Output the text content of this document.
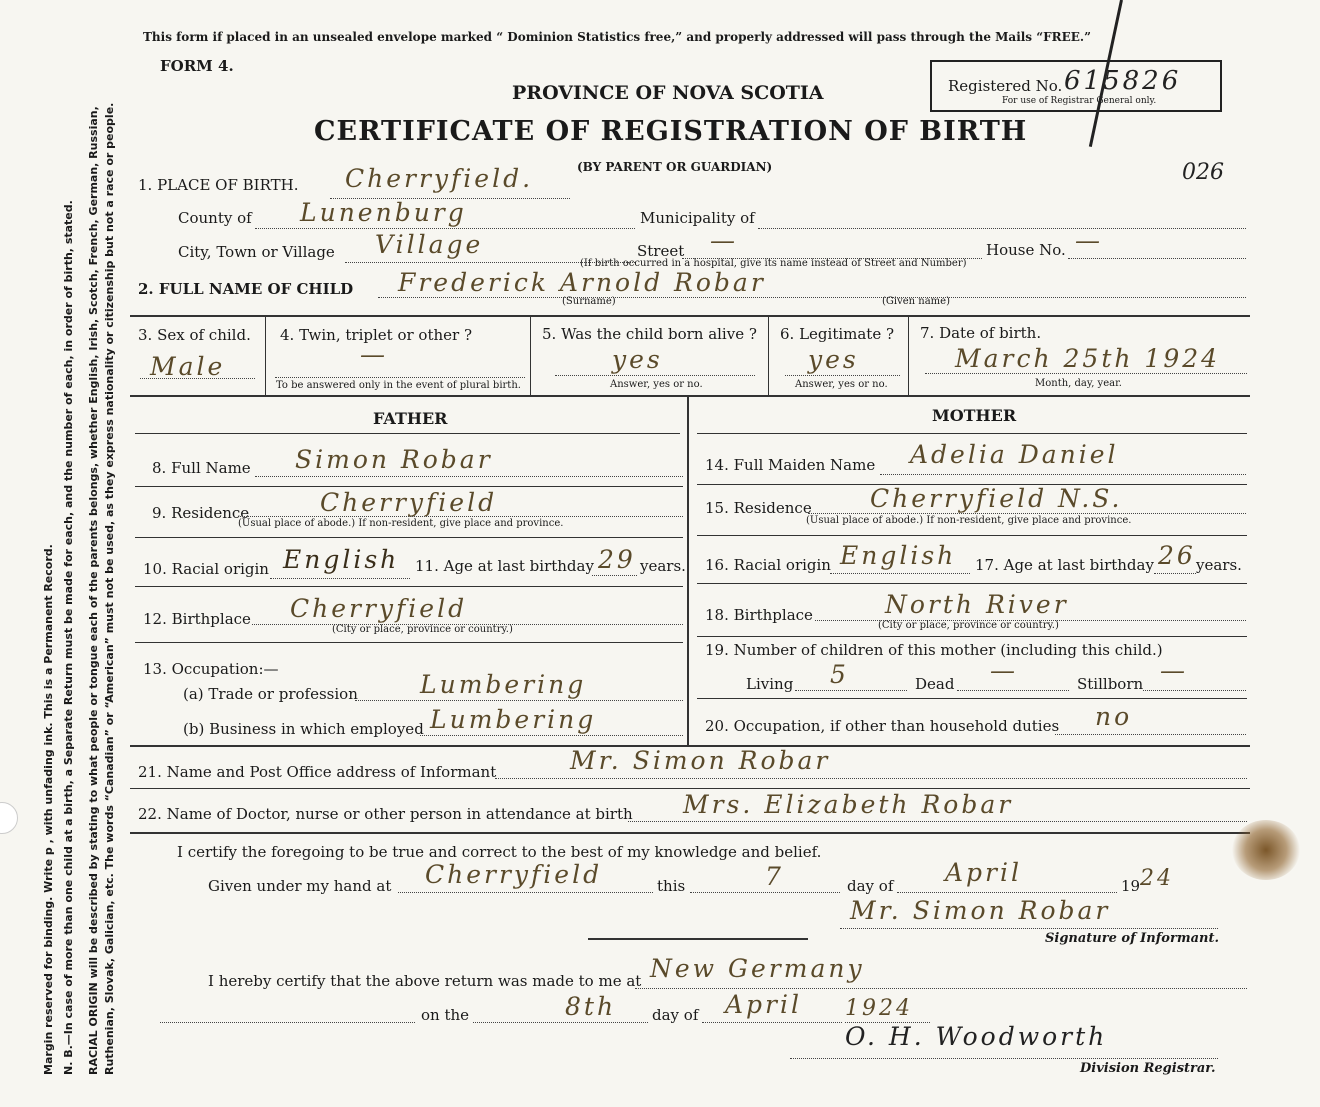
Margin reserved for binding. Write p , with unfading ink. This is a Permanent Record. N. B.—In case of more than one child at a birth, a Separate Return must be made for each, and the number of each, in order of birth, stated. RACIAL ORIGIN will be described by stating to what people or tongue each of the parents belongs, whether English, Irish, Scotch, French, German, Russian, Ruthenian, Slovak, Galician, etc. The words “Canadian” or “American” must not be used, as they express nationality or citizenship but not a race or people.
This form if placed in an unsealed envelope marked “ Dominion Statistics free,” and properly addressed will pass through the Mails “FREE.”
FORM 4.
PROVINCE OF NOVA SCOTIA
CERTIFICATE OF REGISTRATION OF BIRTH
(BY PARENT OR GUARDIAN)
Registered No. 615826
For use of Registrar General only.
026
1. PLACE OF BIRTH. Cherryfield.
County of Lunenburg	Municipality of
City, Town or Village Village	Street —	House No. —
(If birth occurred in a hospital, give its name instead of Street and Number)
2. FULL NAME OF CHILD Frederick Arnold Robar
(Surname)	(Given name)
3. Sex of child.
Male
4. Twin, triplet or other ?
—
To be answered only in the event of plural birth.
5. Was the child born alive ?
yes
Answer, yes or no.
6. Legitimate ?
yes
Answer, yes or no.
7. Date of birth.
March 25th 1924
Month, day, year.
FATHER	MOTHER
8. Full Name Simon Robar
9. Residence	Cherryfield
(Usual place of abode.) If non-resident, give place and province.
10. Racial origin English 11. Age at last birthday 29 years.
12. Birthplace Cherryfield
(City or place, province or country.)
13. Occupation:—
(a) Trade or profession Lumbering
(b) Business in which employed Lumbering
14. Full Maiden Name Adelia Daniel
15. Residence Cherryfield N.S.
(Usual place of abode.) If non-resident, give place and province.
16. Racial origin English 17. Age at last birthday 26 years.
18. Birthplace	North River
(City or place, province or country.)
19. Number of children of this mother (including this child.)
Living 5	Dead —	Stillborn —
20. Occupation, if other than household duties no
21. Name and Post Office address of Informant	Mr. Simon Robar
22. Name of Doctor, nurse or other person in attendance at birth Mrs. Elizabeth Robar
I certify the foregoing to be true and correct to the best of my knowledge and belief.
Given under my hand at Cherryfield	this	7	day of April	19 24
Mr. Simon Robar
Signature of Informant.
I hereby certify that the above return was made to me at New Germany
on the	8th day of April 1924
O. H. Woodworth
Division Registrar.
